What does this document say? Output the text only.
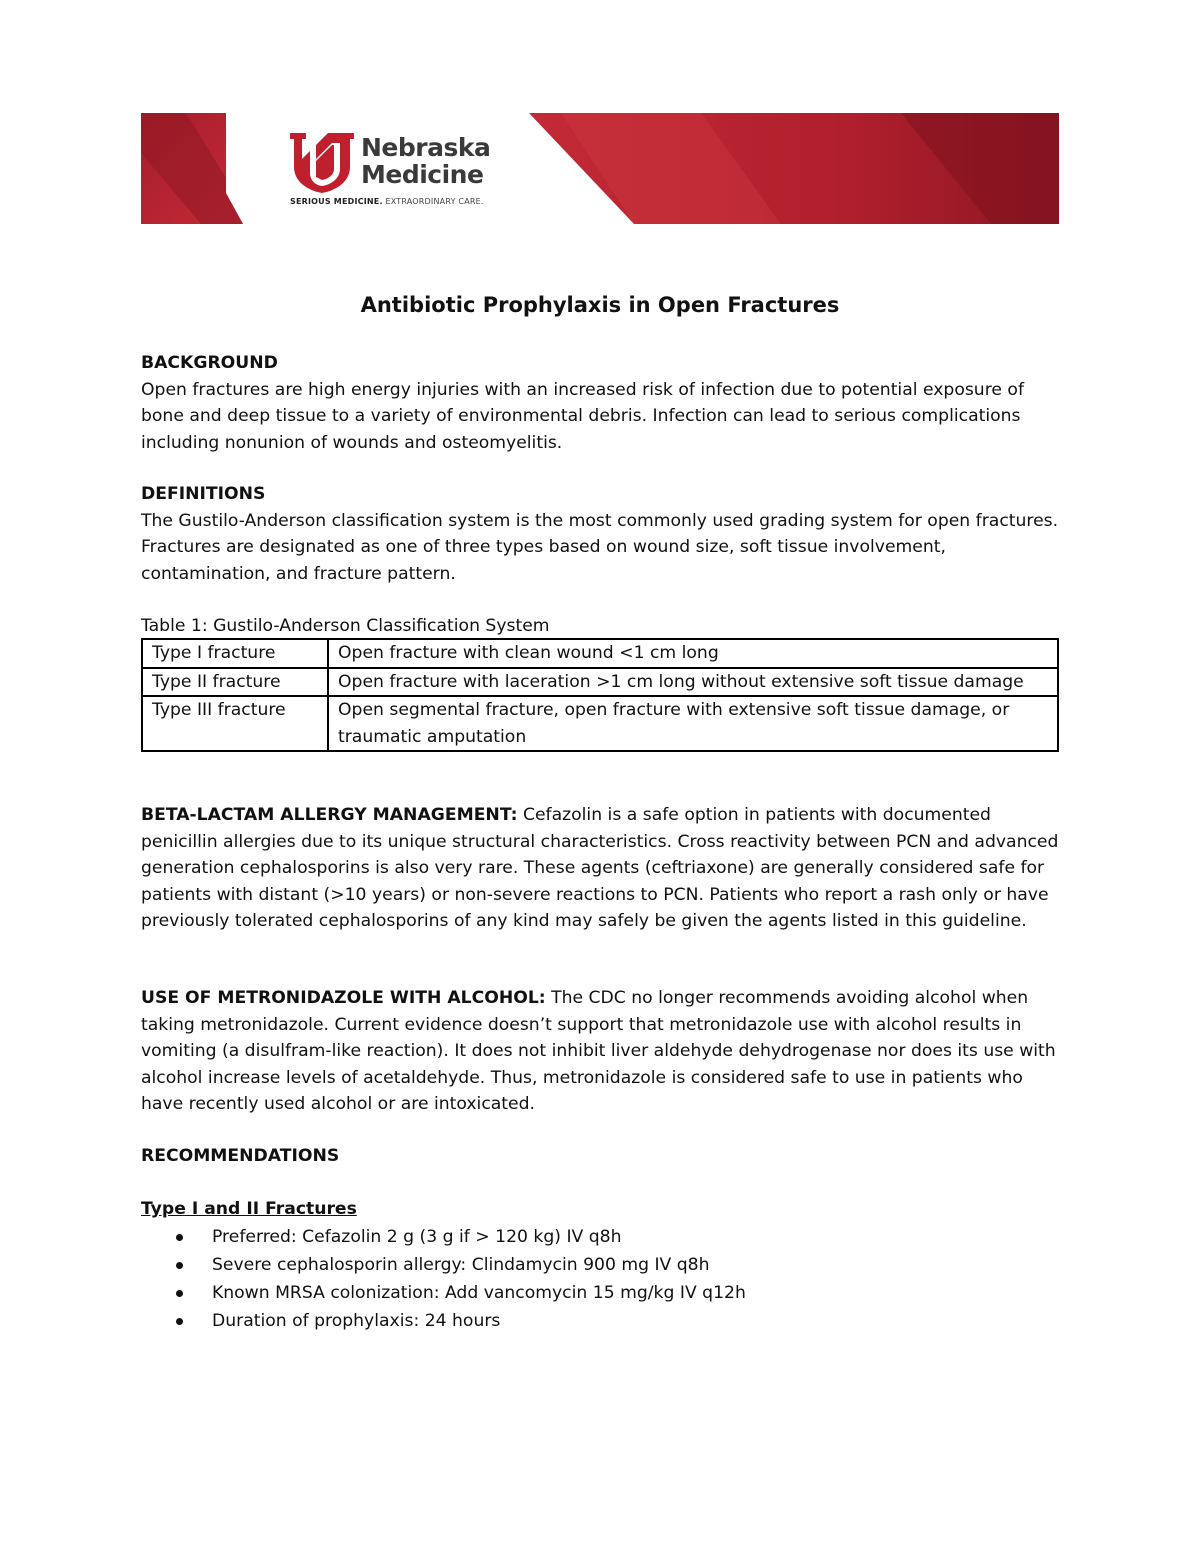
Nebraska
Medicine
SERIOUS MEDICINE. EXTRAORDINARY CARE.
Antibiotic Prophylaxis in Open Fractures

BACKGROUND

Open fractures are high energy injuries with an increased risk of infection due to potential exposure of bone and deep tissue to a variety of environmental debris. Infection can lead to serious complications including nonunion of wounds and osteomyelitis.

DEFINITIONS

The Gustilo-Anderson classification system is the most commonly used grading system for open fractures. Fractures are designated as one of three types based on wound size, soft tissue involvement, contamination, and fracture pattern.

Table 1: Gustilo-Anderson Classification System
Type I fracture	Open fracture with clean wound <1 cm long
Type II fracture	Open fracture with laceration >1 cm long without extensive soft tissue damage
Type III fracture	Open segmental fracture, open fracture with extensive soft tissue damage, or traumatic amputation

BETA-LACTAM ALLERGY MANAGEMENT: Cefazolin is a safe option in patients with documented penicillin allergies due to its unique structural characteristics. Cross reactivity between PCN and advanced generation cephalosporins is also very rare. These agents (ceftriaxone) are generally considered safe for patients with distant (>10 years) or non-severe reactions to PCN. Patients who report a rash only or have previously tolerated cephalosporins of any kind may safely be given the agents listed in this guideline.

USE OF METRONIDAZOLE WITH ALCOHOL: The CDC no longer recommends avoiding alcohol when taking metronidazole. Current evidence doesn’t support that metronidazole use with alcohol results in vomiting (a disulfram-like reaction). It does not inhibit liver aldehyde dehydrogenase nor does its use with alcohol increase levels of acetaldehyde. Thus, metronidazole is considered safe to use in patients who have recently used alcohol or are intoxicated.

RECOMMENDATIONS

Type I and II Fractures

Preferred: Cefazolin 2 g (3 g if > 120 kg) IV q8h
Severe cephalosporin allergy: Clindamycin 900 mg IV q8h
Known MRSA colonization: Add vancomycin 15 mg/kg IV q12h
Duration of prophylaxis: 24 hours
